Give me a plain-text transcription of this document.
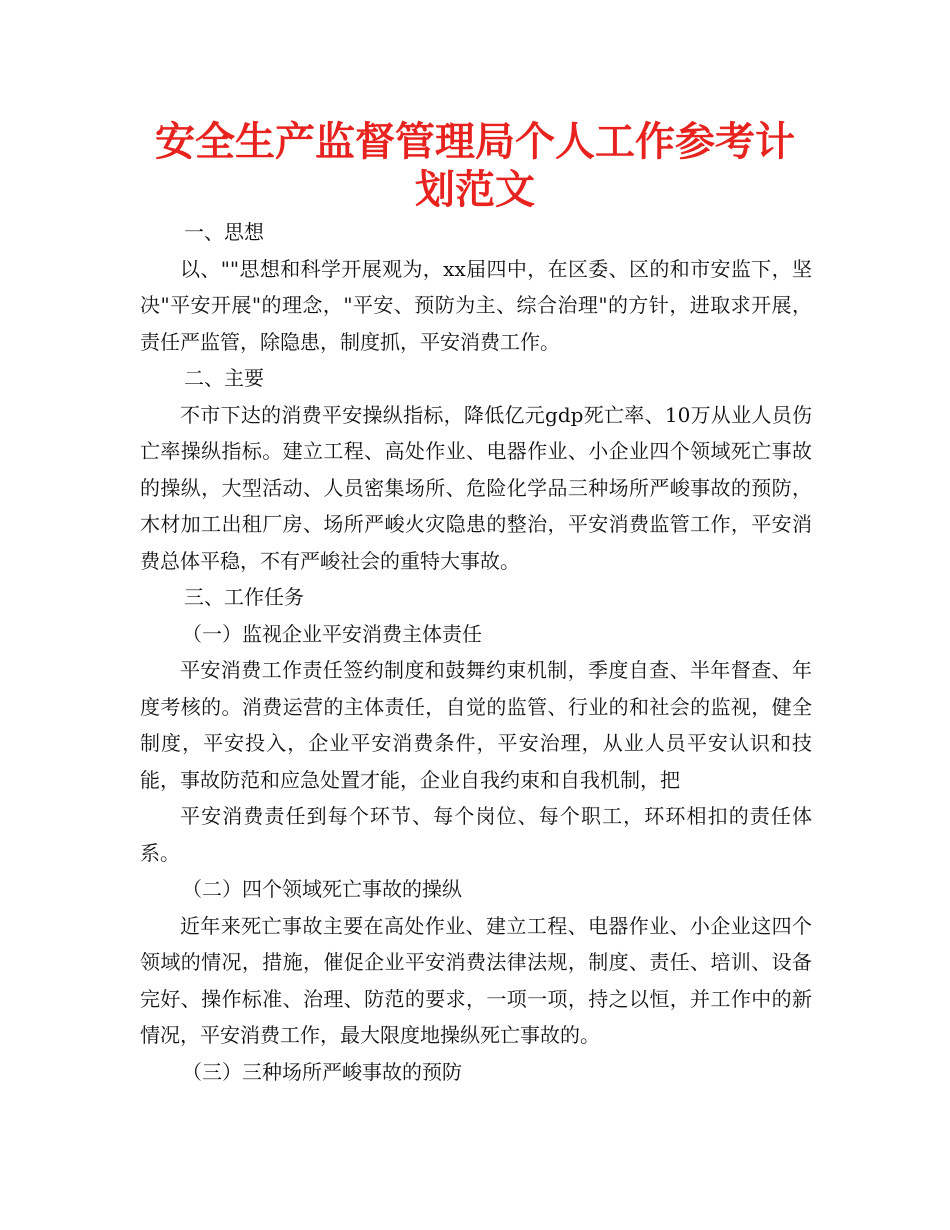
安全生产监督管理局个人工作参考计划范文

一、思想

以、""思想和科学开展观为，xx届四中，在区委、区的和市安监下，坚决"平安开展"的理念，"平安、预防为主、综合治理"的方针，进取求开展，责任严监管，除隐患，制度抓，平安消费工作。

二、主要

不市下达的消费平安操纵指标，降低亿元gdp死亡率、10万从业人员伤亡率操纵指标。建立工程、高处作业、电器作业、小企业四个领域死亡事故的操纵，大型活动、人员密集场所、危险化学品三种场所严峻事故的预防，木材加工出租厂房、场所严峻火灾隐患的整治，平安消费监管工作，平安消费总体平稳，不有严峻社会的重特大事故。

三、工作任务

（一）监视企业平安消费主体责任

平安消费工作责任签约制度和鼓舞约束机制，季度自查、半年督查、年度考核的。消费运营的主体责任，自觉的监管、行业的和社会的监视，健全制度，平安投入，企业平安消费条件，平安治理，从业人员平安认识和技能，事故防范和应急处置才能，企业自我约束和自我机制，把

平安消费责任到每个环节、每个岗位、每个职工，环环相扣的责任体系。

（二）四个领域死亡事故的操纵

近年来死亡事故主要在高处作业、建立工程、电器作业、小企业这四个领域的情况，措施，催促企业平安消费法律法规，制度、责任、培训、设备完好、操作标准、治理、防范的要求，一项一项，持之以恒，并工作中的新情况，平安消费工作，最大限度地操纵死亡事故的。

（三）三种场所严峻事故的预防
